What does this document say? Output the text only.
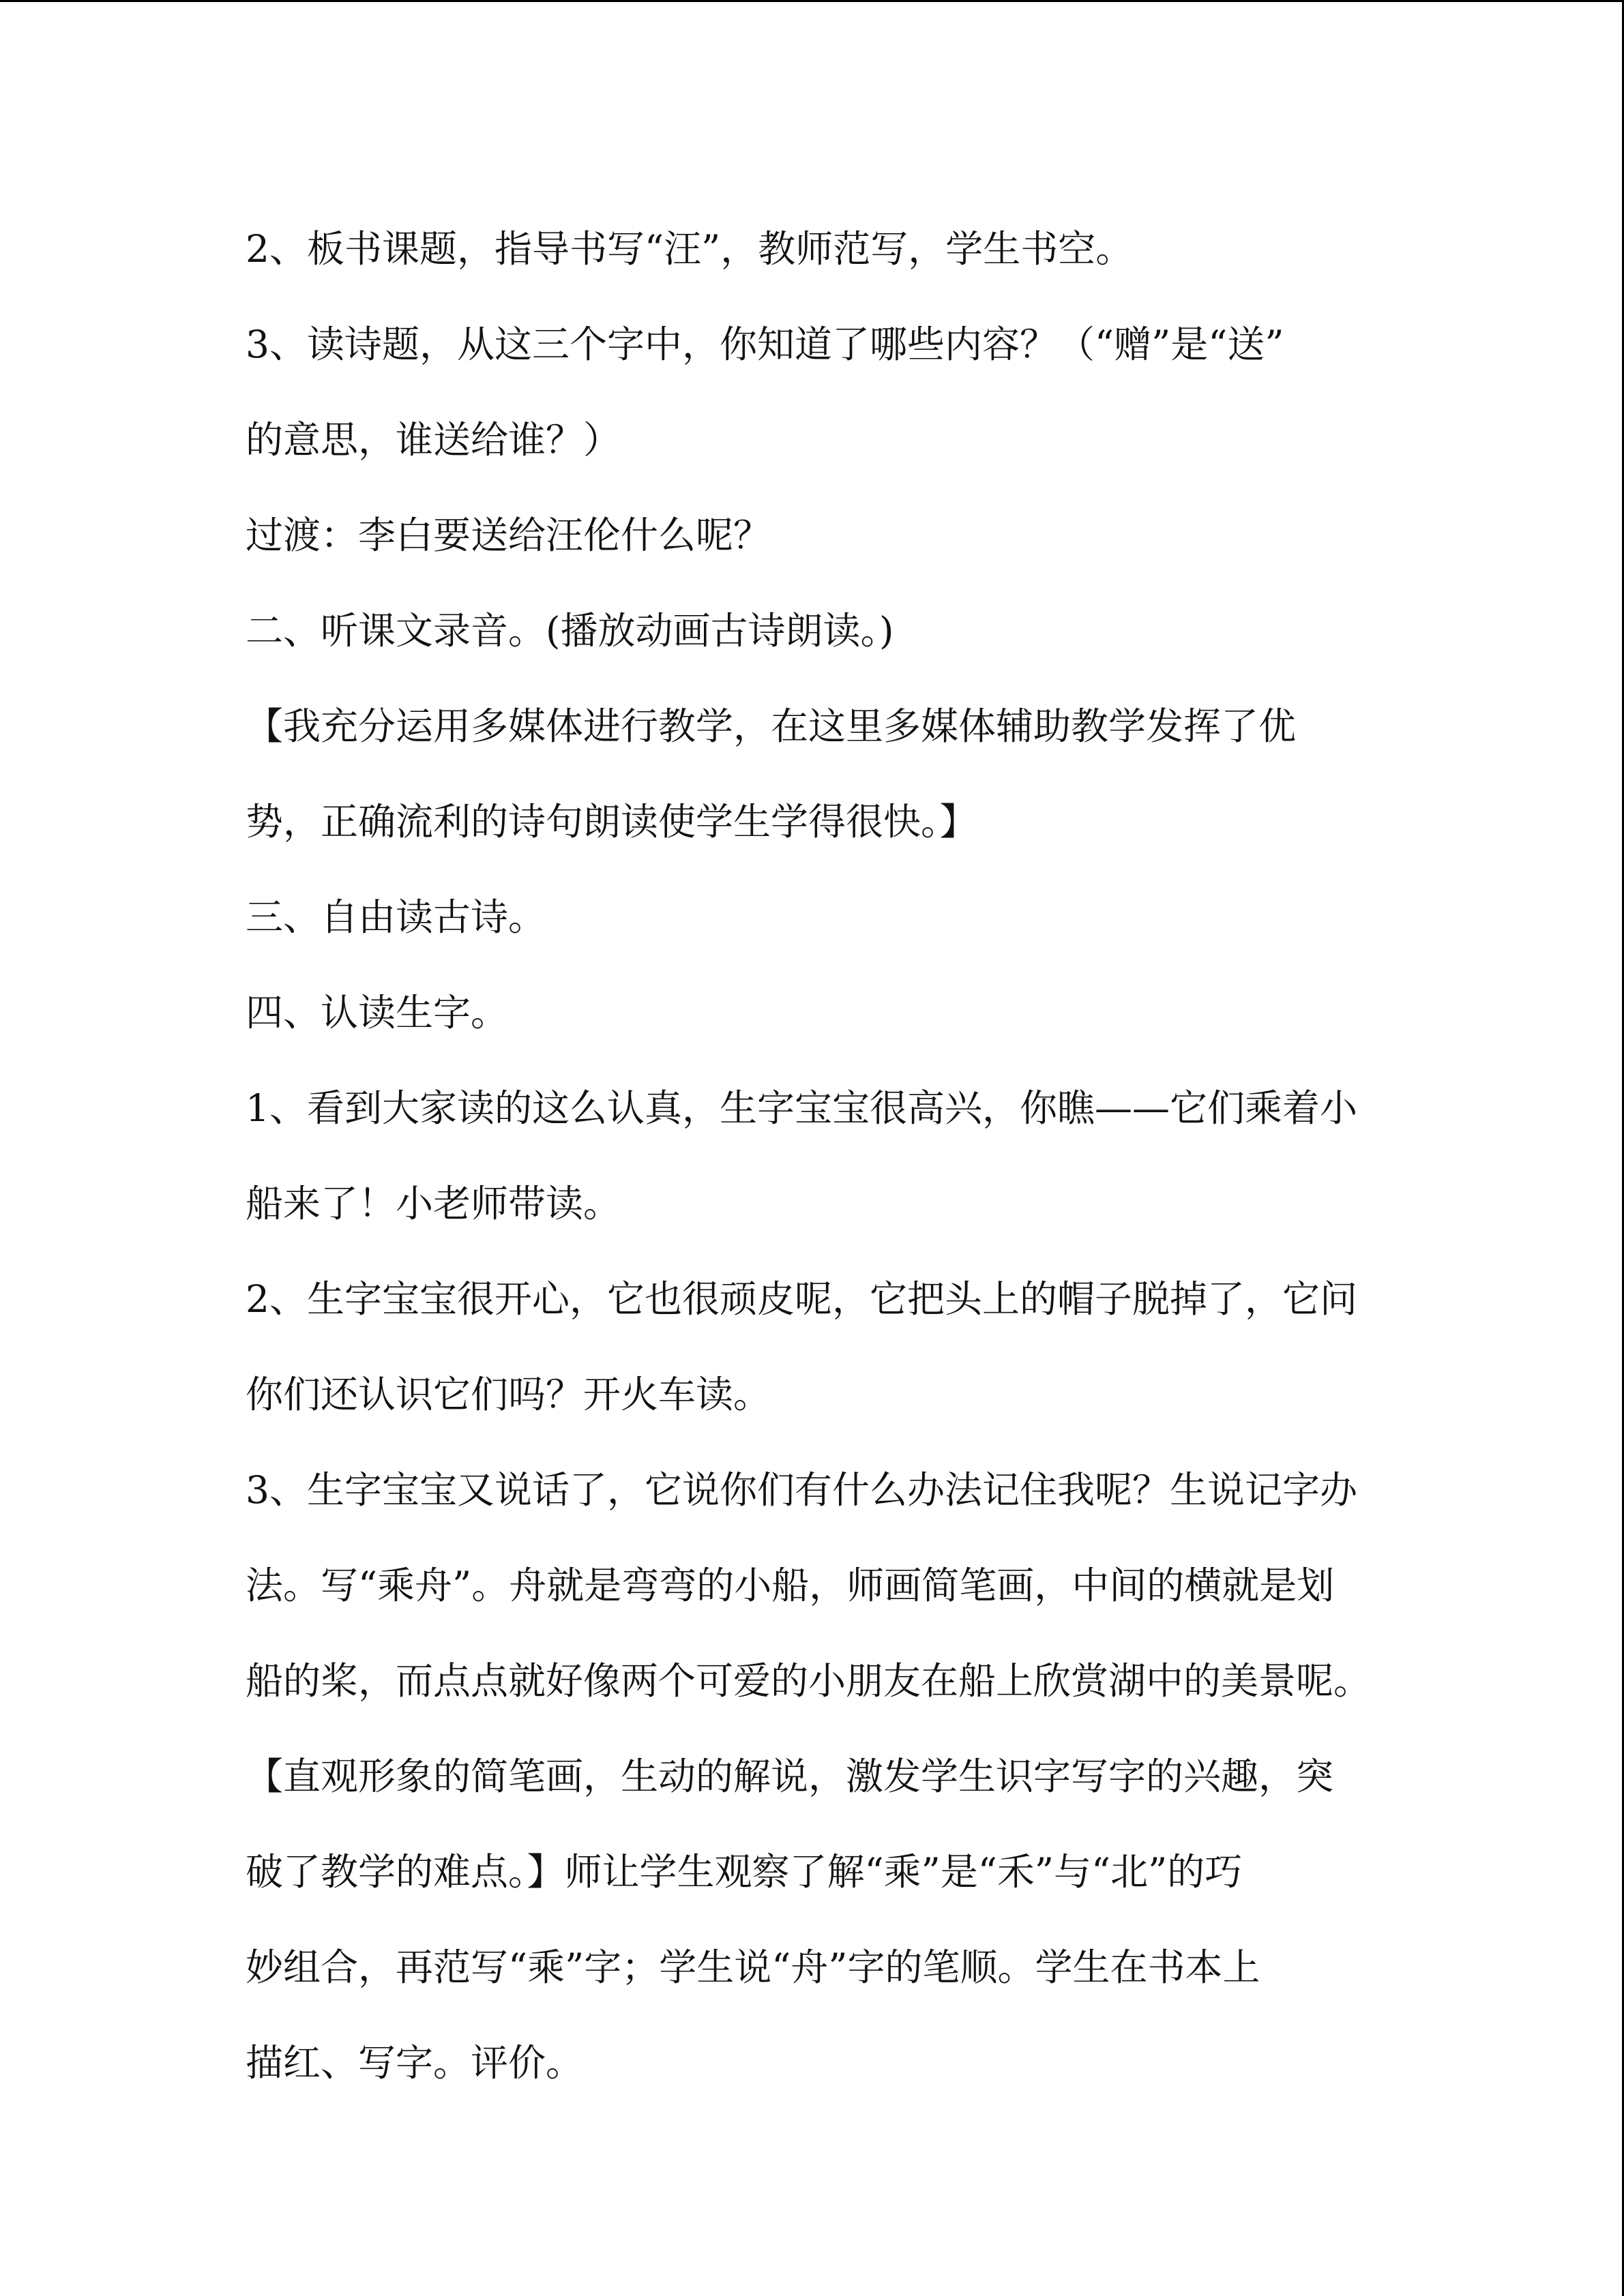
2、板书课题，指导书写“汪”，教师范写，学生书空。
3、读诗题，从这三个字中，你知道了哪些内容？（“赠”是“送”
的意思，谁送给谁？）
过渡：李白要送给汪伦什么呢？
二、听课文录音。(播放动画古诗朗读。)
【我充分运用多媒体进行教学，在这里多媒体辅助教学发挥了优
势，正确流利的诗句朗读使学生学得很快。】
三、自由读古诗。
四、认读生字。
1、看到大家读的这么认真，生字宝宝很高兴，你瞧——它们乘着小
船来了！小老师带读。
2、生字宝宝很开心，它也很顽皮呢，它把头上的帽子脱掉了，它问
你们还认识它们吗？开火车读。
3、生字宝宝又说话了，它说你们有什么办法记住我呢？生说记字办
法。写“乘舟”。舟就是弯弯的小船，师画简笔画，中间的横就是划
船的桨，而点点就好像两个可爱的小朋友在船上欣赏湖中的美景呢。
【直观形象的简笔画，生动的解说，激发学生识字写字的兴趣，突
破了教学的难点。】师让学生观察了解“乘”是“禾”与“北”的巧
妙组合，再范写“乘”字；学生说“舟”字的笔顺。学生在书本上
描红、写字。评价。
